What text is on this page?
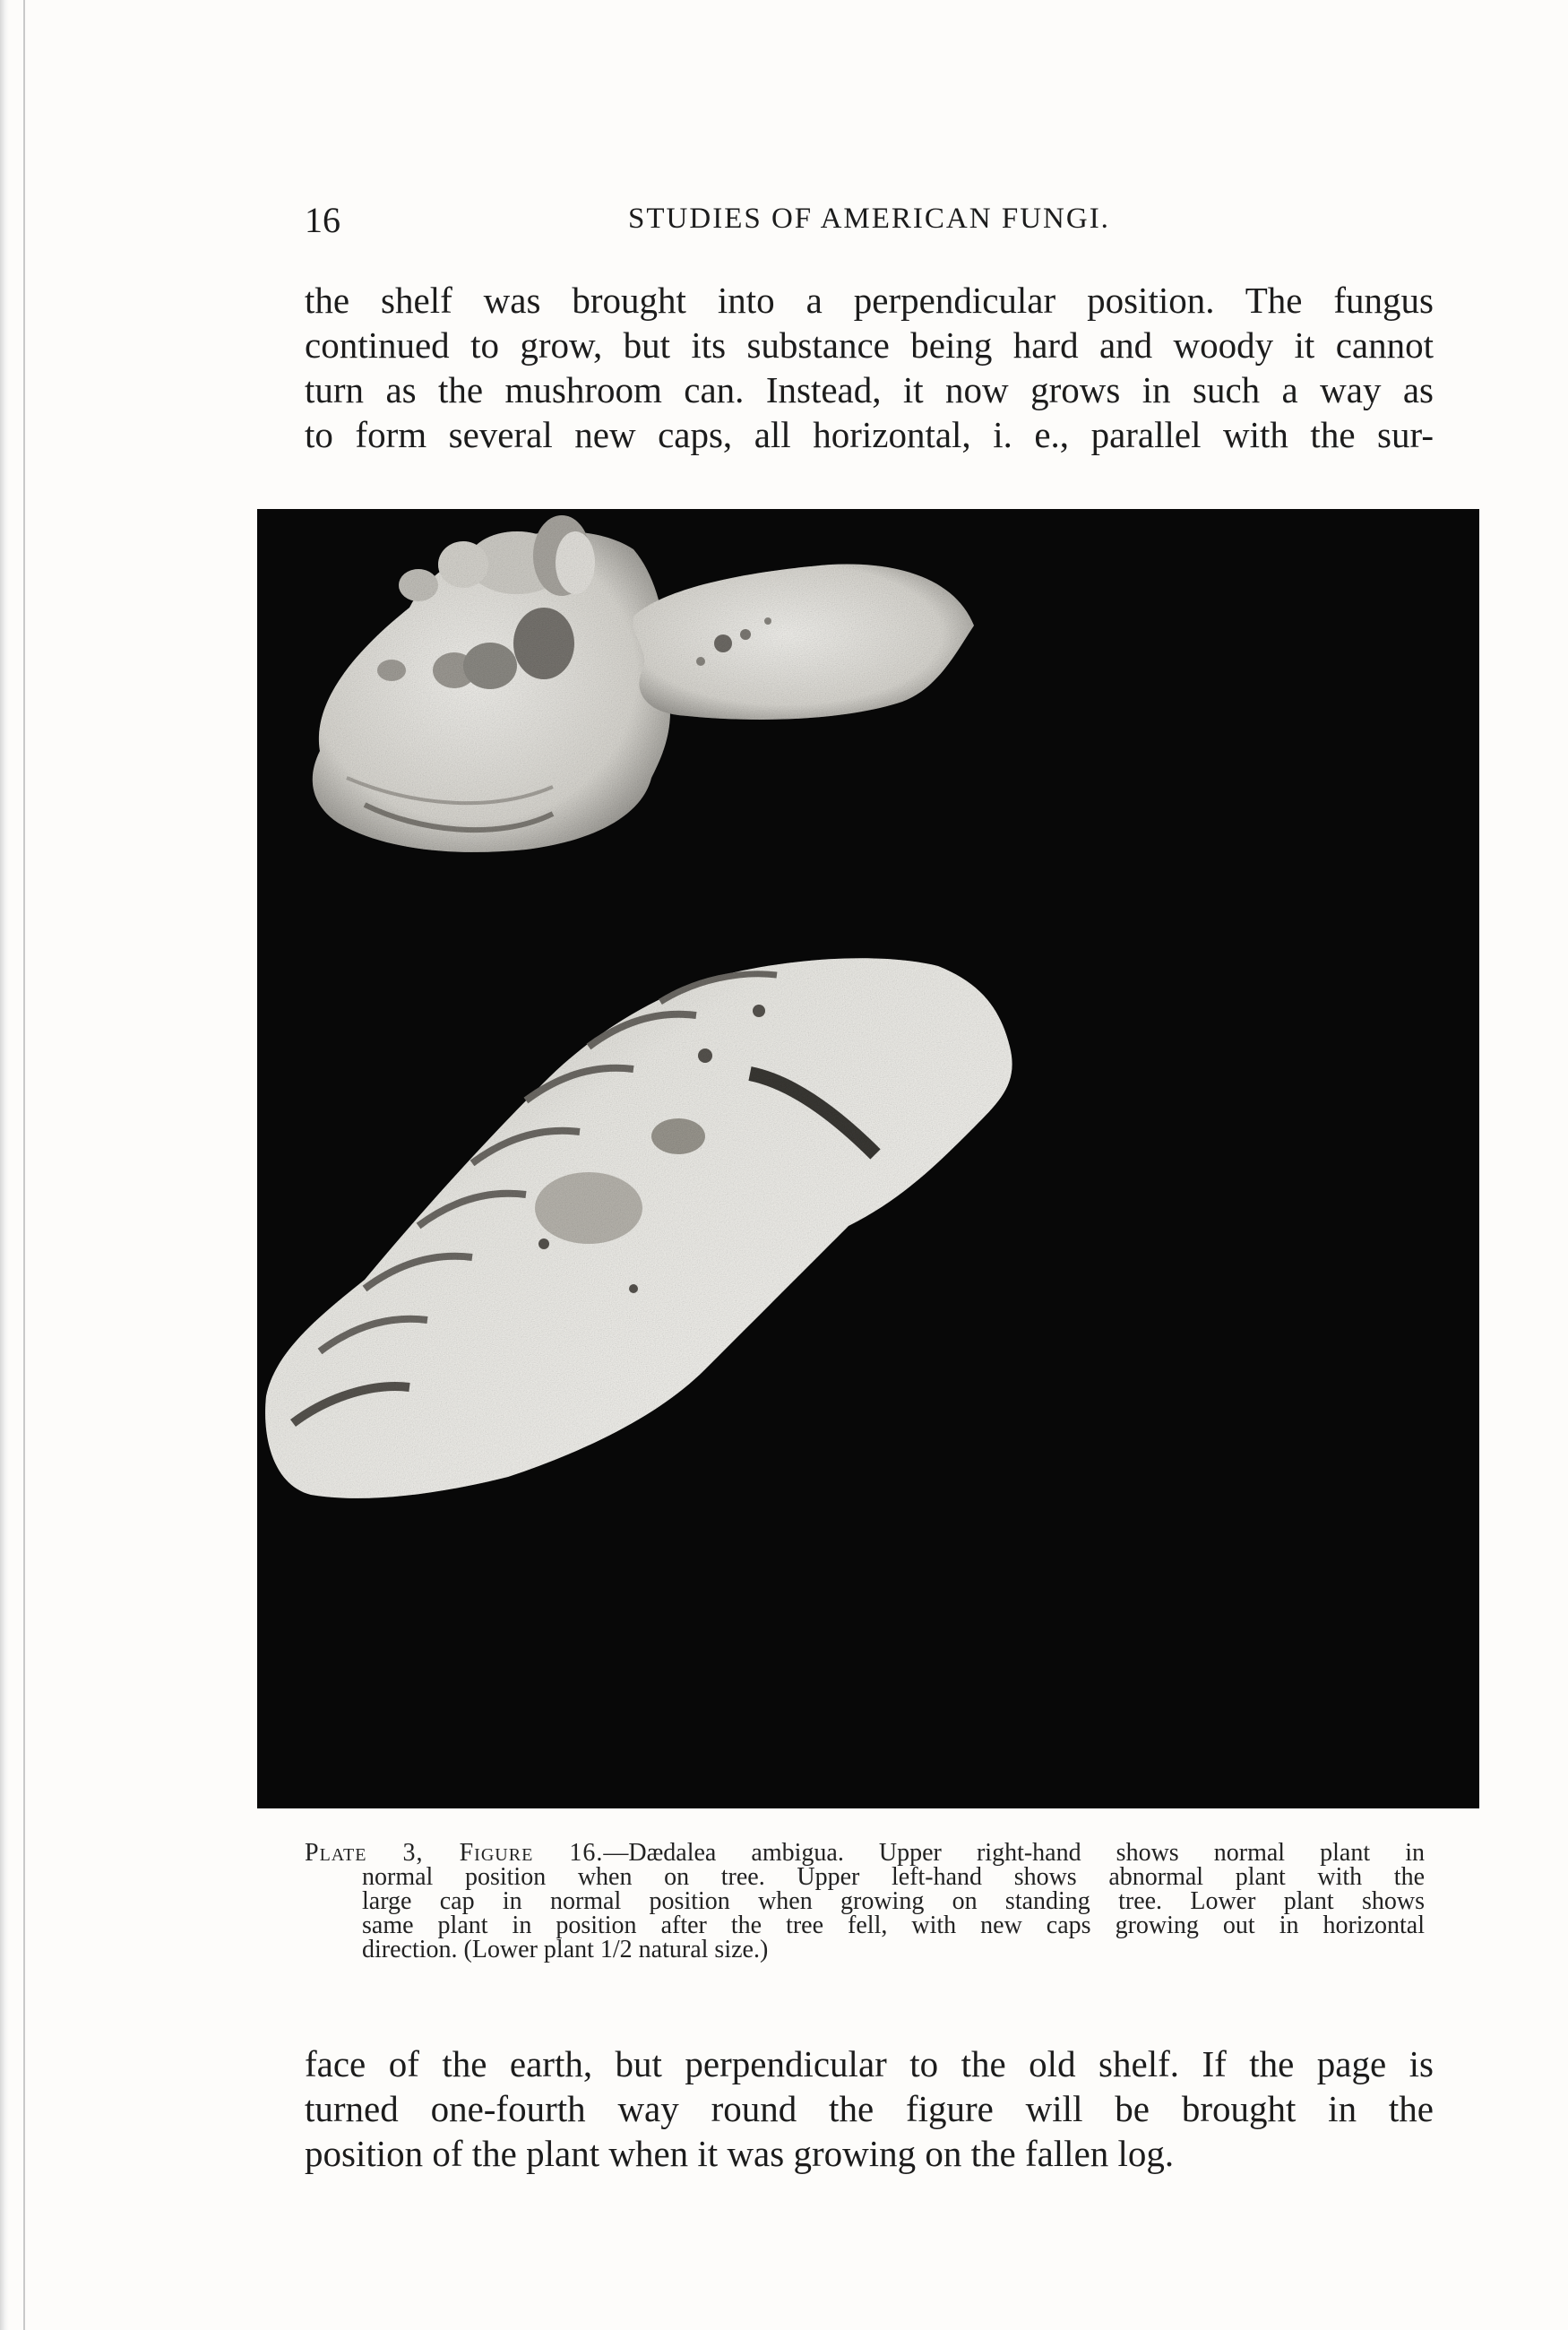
16	STUDIES OF AMERICAN FUNGI.

the shelf was brought into a perpendicular position. The fungus
continued to grow, but its substance being hard and woody it cannot
turn as the mushroom can. Instead, it now grows in such a way as
to form several new caps, all horizontal, i. e., parallel with the sur-

Plate 3, Figure 16.—Dædalea ambigua. Upper right-hand shows normal plant in
normal position when on tree. Upper left-hand shows abnormal plant with the
large cap in normal position when growing on standing tree. Lower plant shows
same plant in position after the tree fell, with new caps growing out in horizontal
direction. (Lower plant 1/2 natural size.)

face of the earth, but perpendicular to the old shelf. If the page is
turned one-fourth way round the figure will be brought in the
position of the plant when it was growing on the fallen log.
